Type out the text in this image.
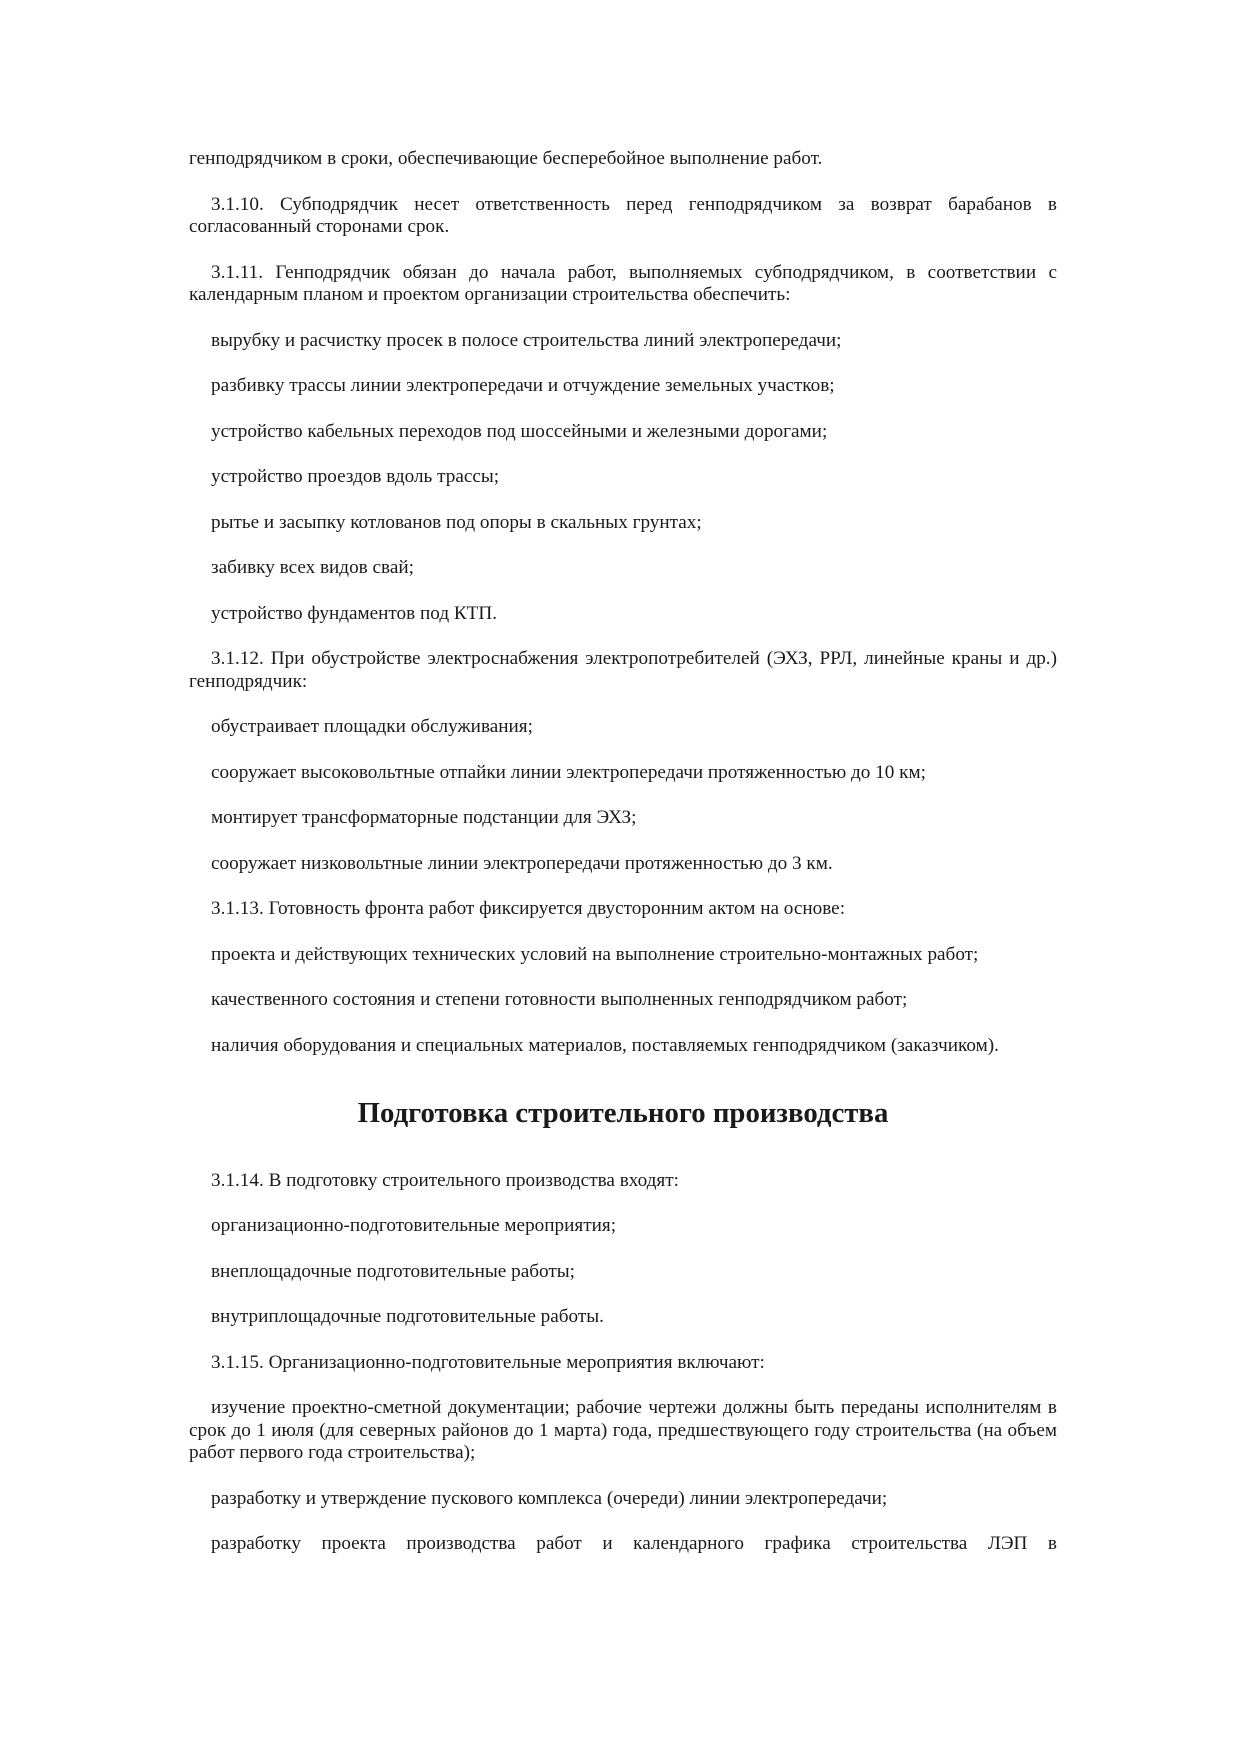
генподрядчиком в сроки, обеспечивающие бесперебойное выполнение работ.

3.1.10. Субподрядчик несет ответственность перед генподрядчиком за возврат барабанов в согласованный сторонами срок.

3.1.11. Генподрядчик обязан до начала работ, выполняемых субподрядчиком, в соответствии с календарным планом и проектом организации строительства обеспечить:

вырубку и расчистку просек в полосе строительства линий электропередачи;

разбивку трассы линии электропередачи и отчуждение земельных участков;

устройство кабельных переходов под шоссейными и железными дорогами;

устройство проездов вдоль трассы;

рытье и засыпку котлованов под опоры в скальных грунтах;

забивку всех видов свай;

устройство фундаментов под КТП.

3.1.12. При обустройстве электроснабжения электропотребителей (ЭХЗ, РРЛ, линейные краны и др.) генподрядчик:

обустраивает площадки обслуживания;

сооружает высоковольтные отпайки линии электропередачи протяженностью до 10 км;

монтирует трансформаторные подстанции для ЭХЗ;

сооружает низковольтные линии электропередачи протяженностью до 3 км.

3.1.13. Готовность фронта работ фиксируется двусторонним актом на основе:

проекта и действующих технических условий на выполнение строительно-монтажных работ;

качественного состояния и степени готовности выполненных генподрядчиком работ;

наличия оборудования и специальных материалов, поставляемых генподрядчиком (заказчиком).

Подготовка строительного производства

3.1.14. В подготовку строительного производства входят:

организационно-подготовительные мероприятия;

внеплощадочные подготовительные работы;

внутриплощадочные подготовительные работы.

3.1.15. Организационно-подготовительные мероприятия включают:

изучение проектно-сметной документации; рабочие чертежи должны быть переданы исполнителям в срок до 1 июля (для северных районов до 1 марта) года, предшествующего году строительства (на объем работ первого года строительства);

разработку и утверждение пускового комплекса (очереди) линии электропередачи;

разработку проекта производства работ и календарного графика строительства ЛЭП в
